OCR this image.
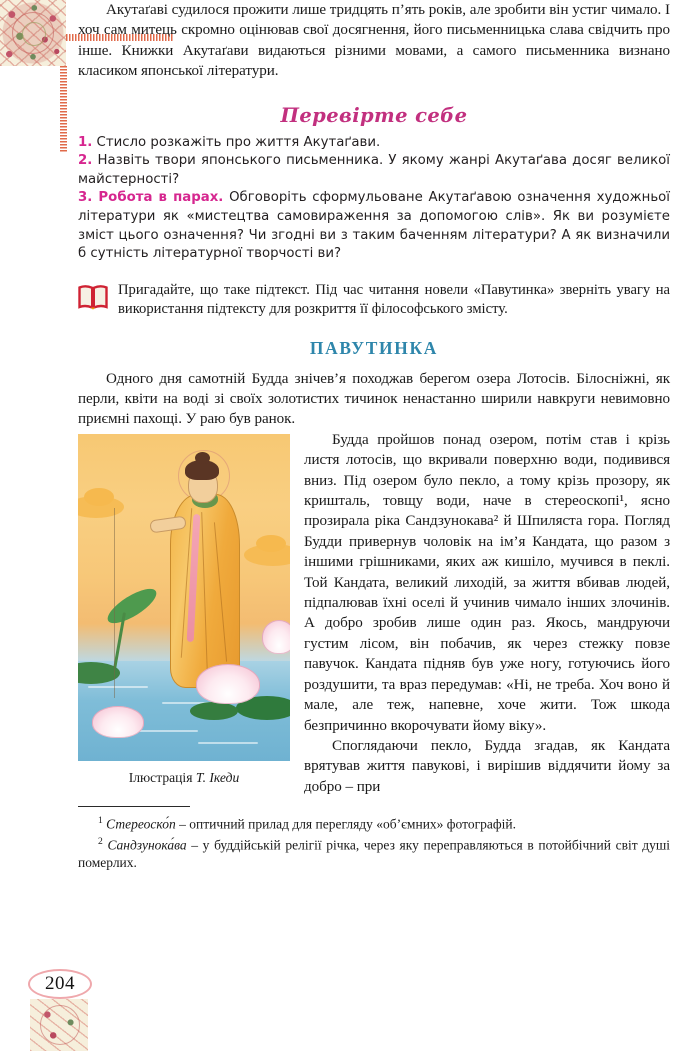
Акутаґаві судилося прожити лише тридцять п’ять років, але зробити він устиг чимало. І хоч сам митець скромно оцінював свої досягнення, його письменницька слава свідчить про інше. Книжки Акутаґави видаються різними мовами, а самого письменника визнано класиком японської літератури.

Перевірте себе

1. Стисло розкажіть про життя Акутаґави.

2. Назвіть твори японського письменника. У якому жанрі Акутаґава досяг великої майстерності?

3. Робота в парах. Обговоріть сформульоване Акутаґавою означення художньої літератури як «мистецтва самовираження за допомогою слів». Як ви розумієте зміст цього означення? Чи згодні ви з таким баченням літератури? А як визначили б сутність літературної творчості ви?

Пригадайте, що таке підтекст. Під час читання новели «Павутинка» зверніть увагу на використання підтексту для розкриття її філософського змісту.

ПАВУТИНКА

Одного дня самотній Будда знічев’я походжав берегом озера Лотосів. Білосніжні, як перли, квіти на воді зі своїх золотистих тичинок ненастанно ширили навкруги невимовно приємні пахощі. У раю був ранок.

Ілюстрація Т. Ікеди

Будда пройшов понад озером, потім став і крізь листя лотосів, що вкривали поверхню води, подивився вниз. Під озером було пекло, а тому крізь прозору, як кришталь, товщу води, наче в стереоскопі¹, ясно прозирала ріка Сандзунокава² й Шпиляста гора. Погляд Будди привернув чоловік на ім’я Кандата, що разом з іншими грішниками, яких аж кишіло, мучився в пеклі. Той Кандата, великий лиходій, за життя вбивав людей, підпалював їхні оселі й учинив чимало інших злочинів. А добро зробив лише один раз. Якось, мандруючи густим лісом, він побачив, як через стежку повзе павучок. Кандата підняв був уже ногу, готуючись його роздушити, та враз передумав: «Ні, не треба. Хоч воно й мале, але теж, напевне, хоче жити. Тож шкода безпричинно вкорочувати йому віку».

Споглядаючи пекло, Будда згадав, як Кандата врятував життя павукові, і вирішив віддячити йому за добро – при

$^1$ Стереоско́п – оптичний прилад для перегляду «об’ємних» фотографій.

$^2$ Сандзунока́ва – у буддійській релігії річка, через яку переправляються в потойбічний світ душі померлих.

204
